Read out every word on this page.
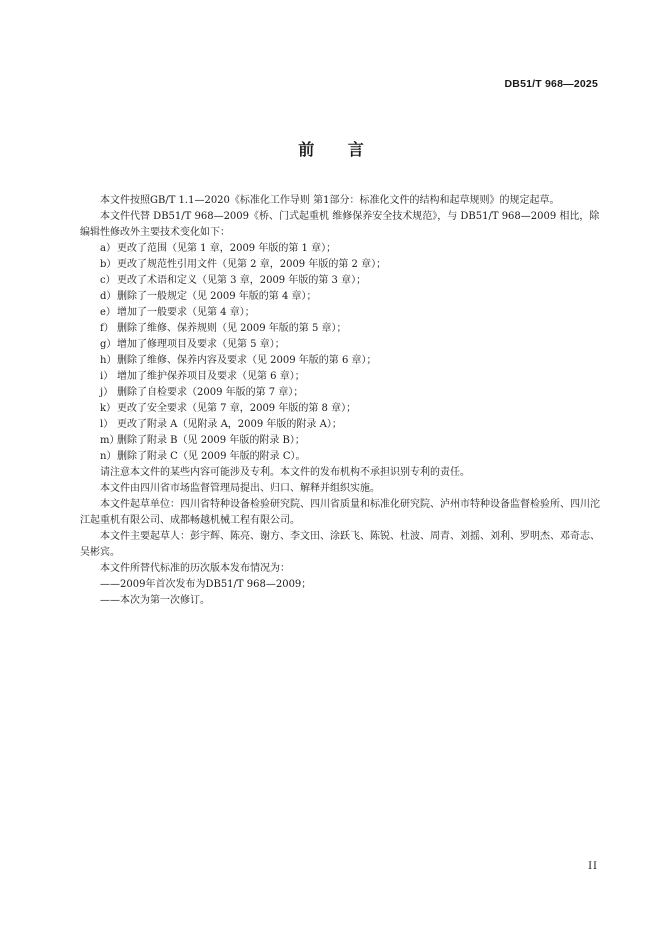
DB51/T 968—2025
前 言

本文件按照GB/T 1.1—2020《标准化工作导则 第1部分：标准化文件的结构和起草规则》的规定起草。

本文件代替 DB51/T 968—2009《桥、门式起重机 维修保养安全技术规范》，与 DB51/T 968—2009 相比，除编辑性修改外主要技术变化如下：

a）更改了范围（见第 1 章，2009 年版的第 1 章）；
b）更改了规范性引用文件（见第 2 章，2009 年版的第 2 章）；
c）更改了术语和定义（见第 3 章，2009 年版的第 3 章）；
d）删除了一般规定（见 2009 年版的第 4 章）；
e）增加了一般要求（见第 4 章）；
f） 删除了维修、保养规则（见 2009 年版的第 5 章）；
g）增加了修理项目及要求（见第 5 章）；
h）删除了维修、保养内容及要求（见 2009 年版的第 6 章）；
i） 增加了维护保养项目及要求（见第 6 章）；
j） 删除了自检要求（2009 年版的第 7 章）；
k）更改了安全要求（见第 7 章，2009 年版的第 8 章）；
l） 更改了附录 A（见附录 A，2009 年版的附录 A）；
m）删除了附录 B（见 2009 年版的附录 B）；
n）删除了附录 C（见 2009 年版的附录 C）。

请注意本文件的某些内容可能涉及专利。本文件的发布机构不承担识别专利的责任。

本文件由四川省市场监督管理局提出、归口、解释并组织实施。

本文件起草单位：四川省特种设备检验研究院、四川省质量和标准化研究院、泸州市特种设备监督检验所、四川沱江起重机有限公司、成都畅越机械工程有限公司。

本文件主要起草人：彭宇辉、陈亮、谢方、李文田、涂跃飞、陈锐、杜波、周青、刘摇、刘利、罗明杰、邓奇志、吴彬宾。

本文件所替代标准的历次版本发布情况为：

——2009年首次发布为DB51/T 968—2009；

——本次为第一次修订。

II
